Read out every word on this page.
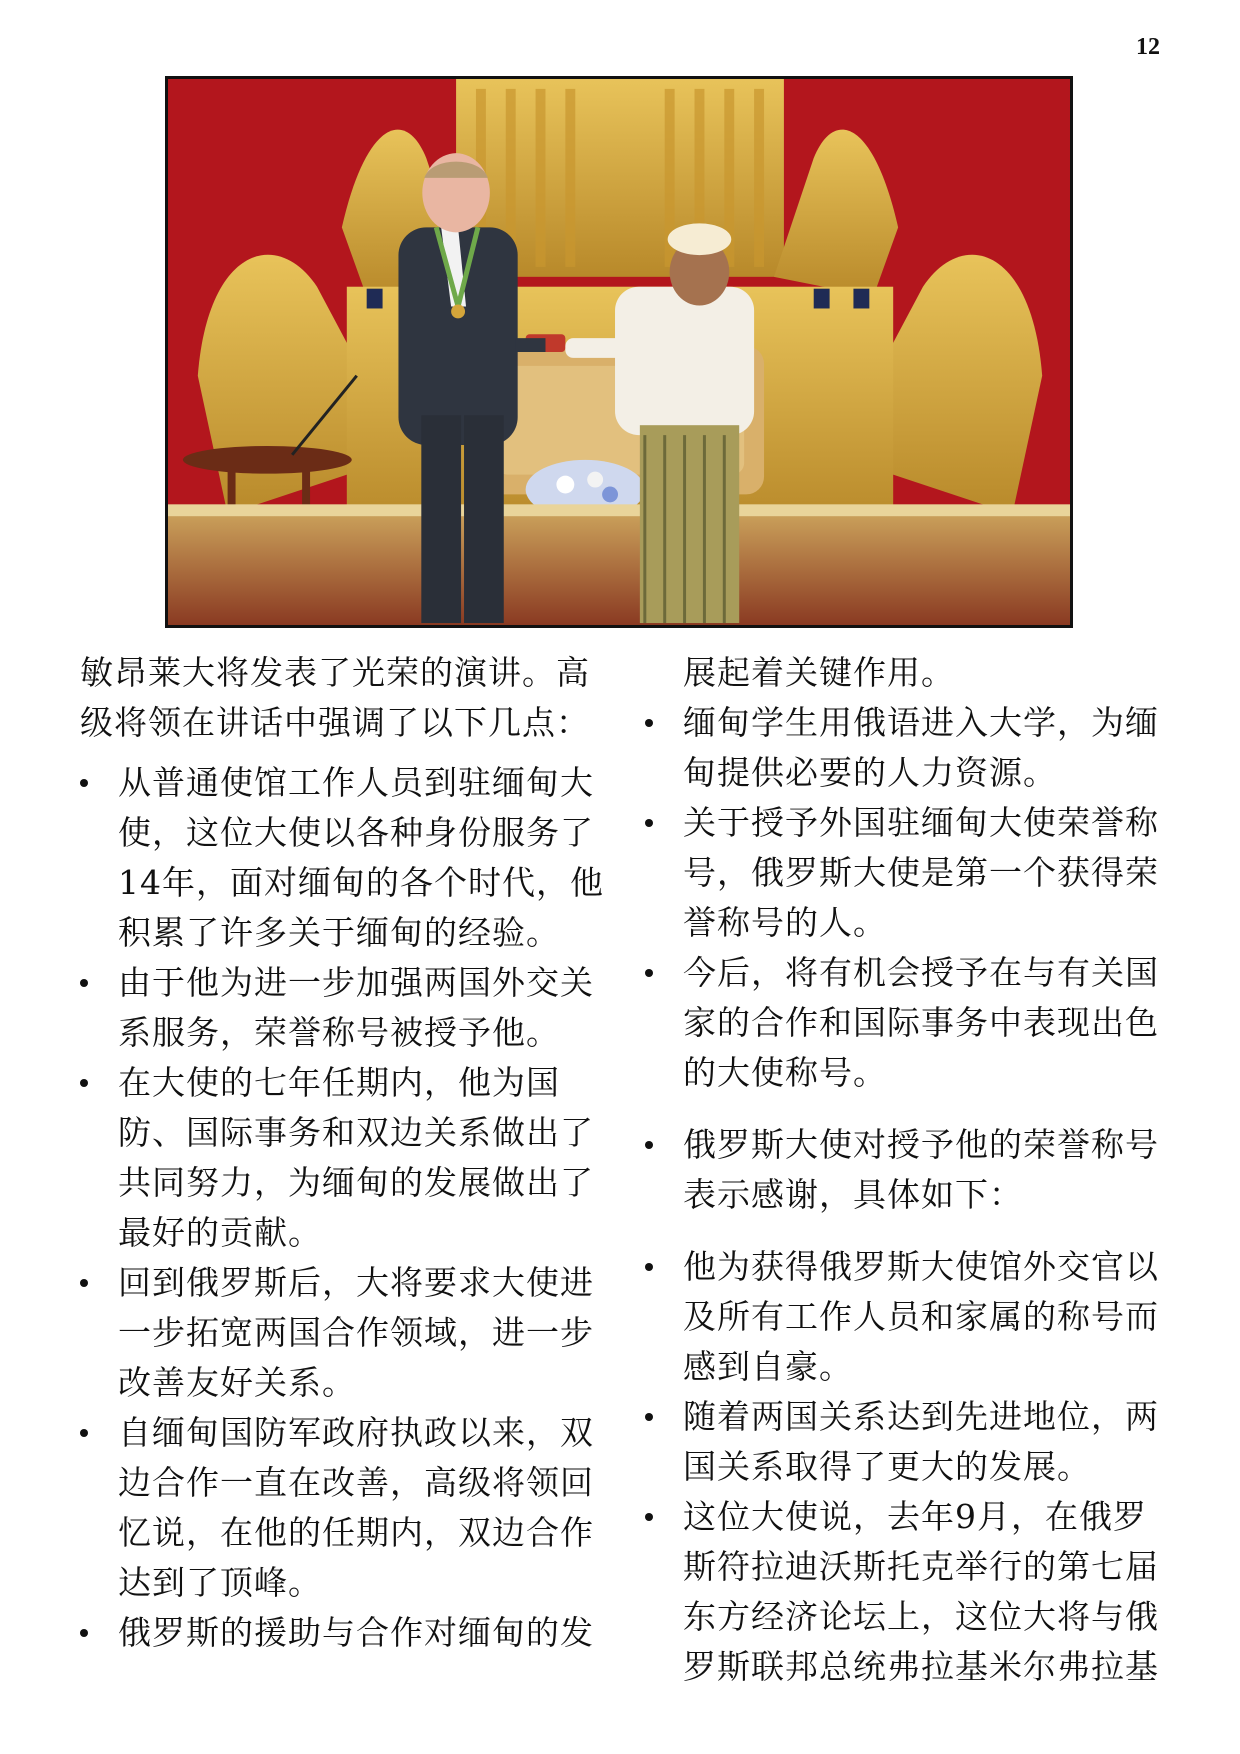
12

敏昂莱大将发表了光荣的演讲。高级将领在讲话中强调了以下几点：

从普通使馆工作人员到驻缅甸大使，这位大使以各种身份服务了14年，面对缅甸的各个时代，他积累了许多关于缅甸的经验。
由于他为进一步加强两国外交关系服务，荣誉称号被授予他。
在大使的七年任期内，他为国防、国际事务和双边关系做出了共同努力，为缅甸的发展做出了最好的贡献。
回到俄罗斯后，大将要求大使进一步拓宽两国合作领域，进一步改善友好关系。
自缅甸国防军政府执政以来，双边合作一直在改善，高级将领回忆说，在他的任期内，双边合作达到了顶峰。
俄罗斯的援助与合作对缅甸的发

展起着关键作用。

缅甸学生用俄语进入大学，为缅甸提供必要的人力资源。
关于授予外国驻缅甸大使荣誉称号，俄罗斯大使是第一个获得荣誉称号的人。
今后，将有机会授予在与有关国家的合作和国际事务中表现出色的大使称号。
俄罗斯大使对授予他的荣誉称号表示感谢，具体如下：
他为获得俄罗斯大使馆外交官以及所有工作人员和家属的称号而感到自豪。
随着两国关系达到先进地位，两国关系取得了更大的发展。
这位大使说，去年9月，在俄罗斯符拉迪沃斯托克举行的第七届东方经济论坛上，这位大将与俄罗斯联邦总统弗拉基米尔弗拉基
